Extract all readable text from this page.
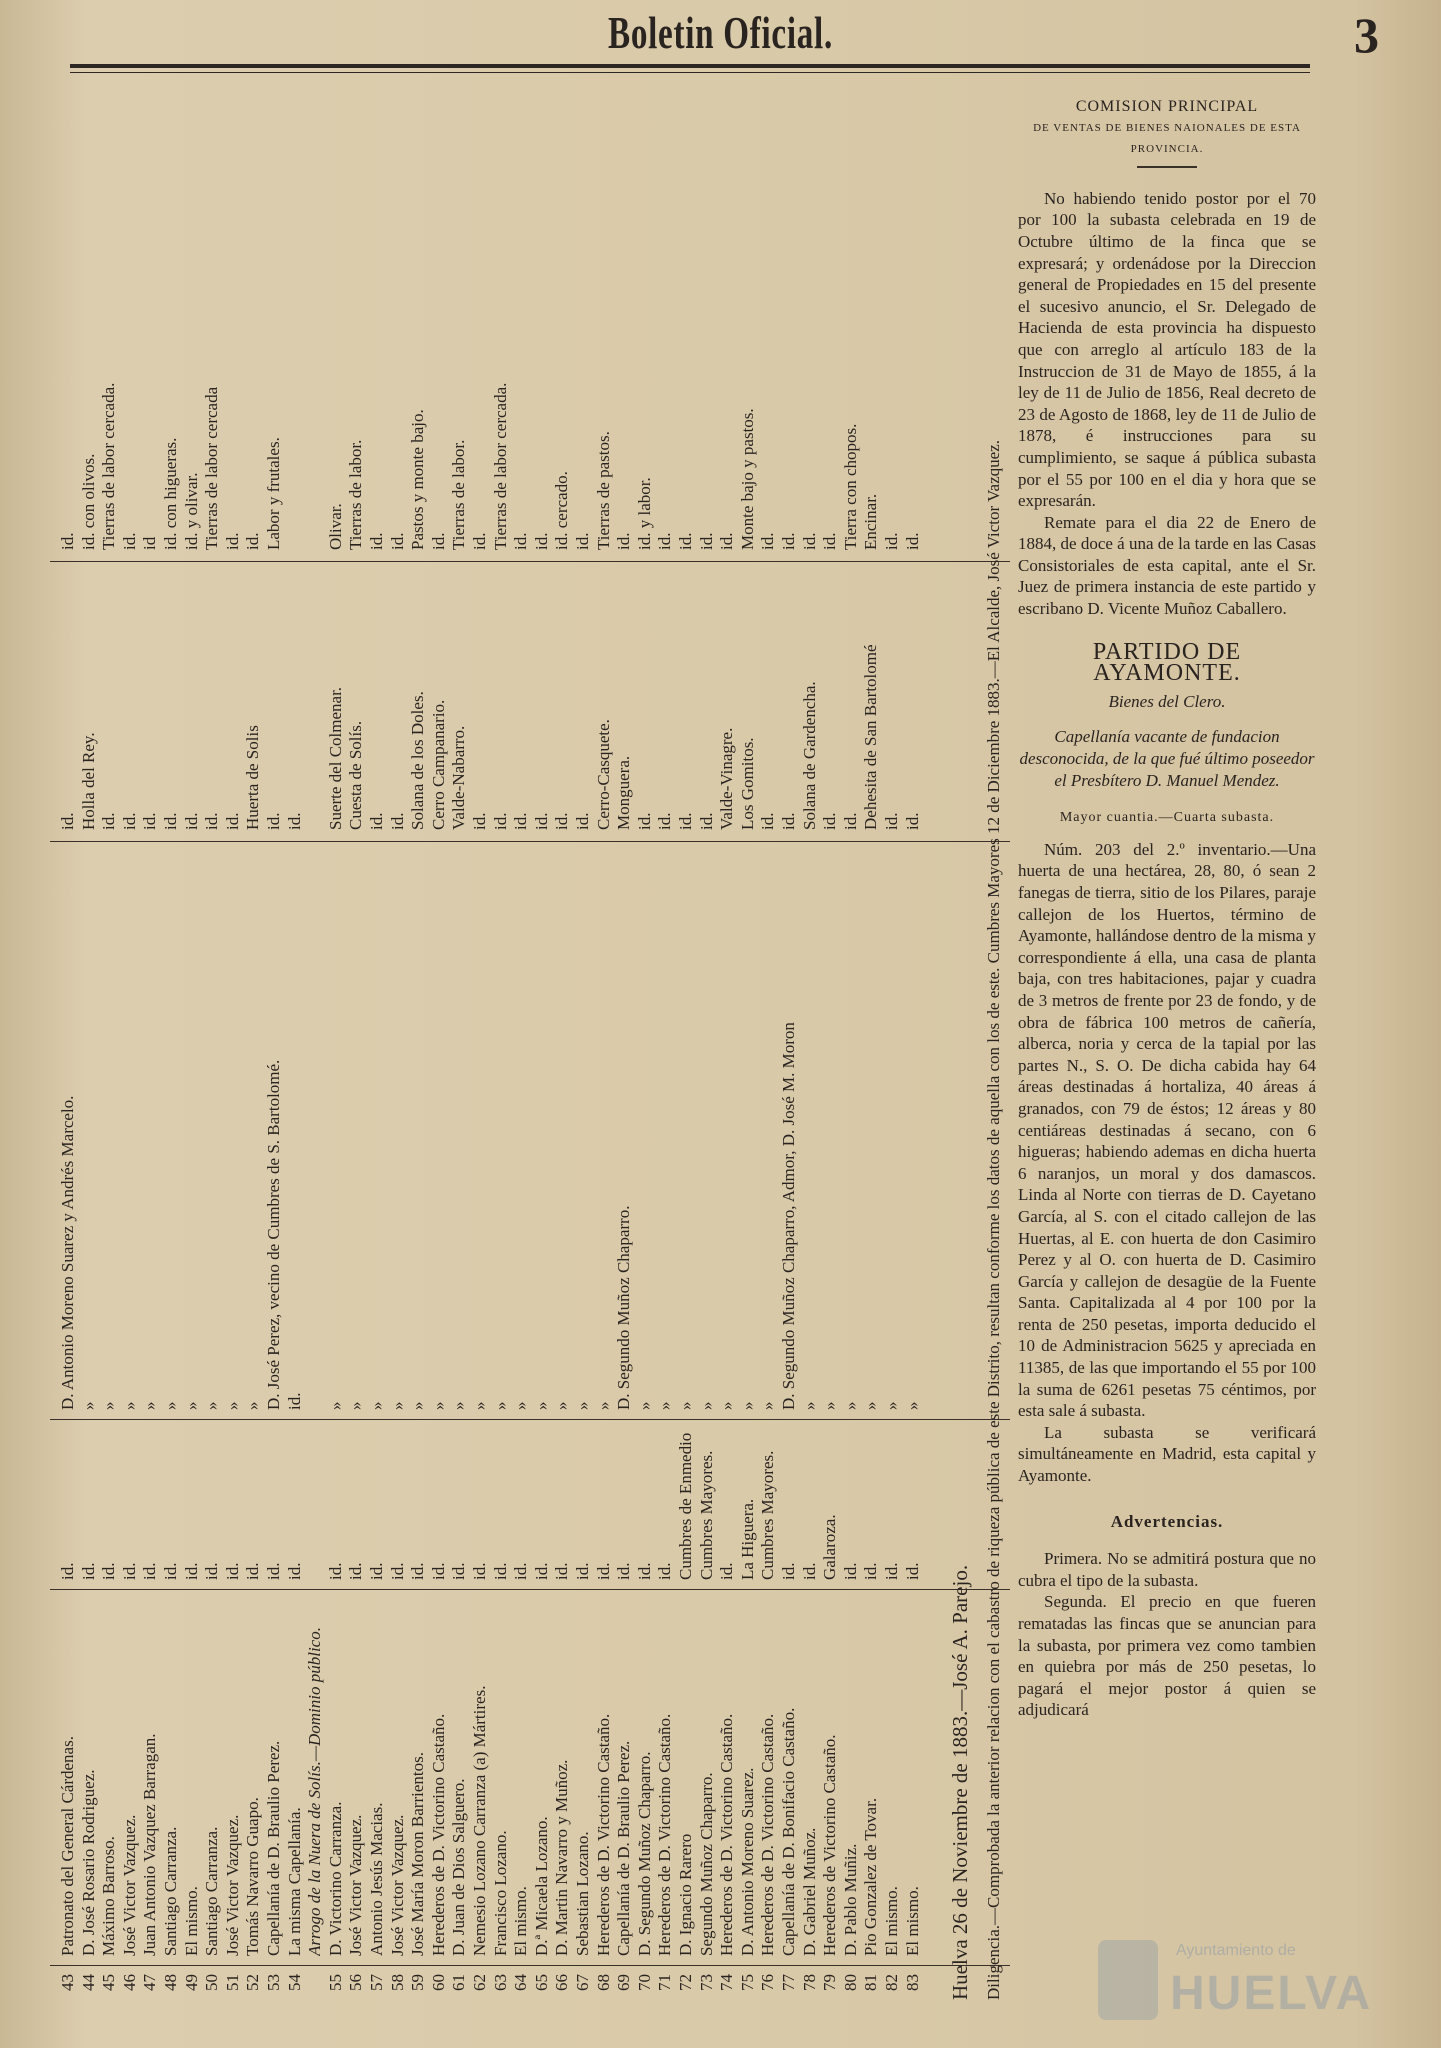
Boletin Oficial.	3
Huelva 26 de Noviembre de 1883.—José A. Parejo. Diligencia.—Comprobada la anterior relacion con el cabastro de riqueza pública de este Distrito, resultan conforme los datos de aquella con los de este. Cumbres Mayores 12 de Diciembre 1883.—El Alcalde, José Victor Vazquez.
43
Patronato del General Cárdenas.
id.
D. Antonio Moreno Suarez y Andrés Marcelo.
id.
id.
44
D. José Rosario Rodriguez.
id.
»
Holla del Rey.
id. con olivos.
45
Máximo Barroso.
id.
»
id.
Tierras de labor cercada.
46
José Victor Vazquez.
id.
»
id.
id.
47
Juan Antonio Vazquez Barragan.
id.
»
id.
id
48
Santiago Carranza.
id.
»
id.
id. con higueras.
49
El mismo.
id.
»
id.
id. y olivar.
50
Santiago Carranza.
id.
»
id.
Tierras de labor cercada
51
José Victor Vazquez.
id.
»
id.
id.
52
Tomás Navarro Guapo.
id.
»
Huerta de Solis
id.
53
Capellanía de D. Braulio Perez.
id.
D. José Perez, vecino de Cumbres de S. Bartolomé.
id.
Labor y frutales.
54
La misma Capellanía.
id.
id.
id.
Arrogo de la Nuera de Solís.—Dominio público.
55
D. Victorino Carranza.
id.
»
Suerte del Colmenar.
Olivar.
56
José Victor Vazquez.
id.
»
Cuesta de Solís.
Tierras de labor.
57
Antonio Jesús Macias.
id.
»
id.
id.
58
José Victor Vazquez.
id.
»
id.
id.
59
José María Moron Barrientos.
id.
»
Solana de los Doles.
Pastos y monte bajo.
60
Herederos de D. Victorino Castaño.
id.
»
Cerro Campanario.
id.
61
D. Juan de Dios Salguero.
id.
»
Valde-Nabarro.
Tierras de labor.
62
Nemesio Lozano Carranza (a) Mártires.
id.
»
id.
id.
63
Francisco Lozano.
id.
»
id.
Tierras de labor cercada.
64
El mismo.
id.
»
id.
id.
65
D.ª Micaela Lozano.
id.
»
id.
id.
66
D. Martin Navarro y Muñoz.
id.
»
id.
id. cercado.
67
Sebastian Lozano.
id.
»
id.
id.
68
Herederos de D. Victorino Castaño.
id.
»
Cerro-Casquete.
Tierras de pastos.
69
Capellanía de D. Braulio Perez.
id.
D. Segundo Muñoz Chaparro.
Monguera.
id.
70
D. Segundo Muñoz Chaparro.
id.
»
id.
id. y labor.
71
Herederos de D. Victorino Castaño.
id.
»
id.
id.
72
D. Ignacio Rarero
Cumbres de Enmedio
»
id.
id.
73
Segundo Muñoz Chaparro.
Cumbres Mayores.
»
id.
id.
74
Herederos de D. Victorino Castaño.
id.
»
Valde-Vinagre.
id.
75
D. Antonio Moreno Suarez.
La Higuera.
»
Los Gomitos.
Monte bajo y pastos.
76
Herederos de D. Victorino Castaño.
Cumbres Mayores.
»
id.
id.
77
Capellanía de D. Bonifacio Castaño.
id.
D. Segundo Muñoz Chaparro, Admor, D. José M. Moron
id.
id.
78
D. Gabriel Muñoz.
id.
»
Solana de Gardencha.
id.
79
Herederos de Victorino Castaño.
Galaroza.
»
id.
id.
80
D. Pablo Muñiz.
id.
»
id.
Tierra con chopos.
81
Pio Gonzalez de Tovar.
id.
»
Dehesita de San Bartolomé
Encinar.
82
El mismo.
id.
»
id.
id.
83
El mismo.
id.
»
id.
id.
COMISION PRINCIPAL
DE VENTAS DE BIENES NAIONALES DE ESTA PROVINCIA.

No habiendo tenido postor por el 70 por 100 la subasta celebrada en 19 de Octubre último de la finca que se expresará; y ordenádose por la Direccion general de Propiedades en 15 del presente el sucesivo anuncio, el Sr. Delegado de Hacienda de esta provincia ha dispuesto que con arreglo al artículo 183 de la Instruccion de 31 de Mayo de 1855, á la ley de 11 de Julio de 1856, Real decreto de 23 de Agosto de 1868, ley de 11 de Julio de 1878, é instrucciones para su cumplimiento, se saque á pública subasta por el 55 por 100 en el dia y hora que se expresarán.

Remate para el dia 22 de Enero de 1884, de doce á una de la tarde en las Casas Consistoriales de esta capital, ante el Sr. Juez de primera instancia de este partido y escribano D. Vicente Muñoz Caballero.

PARTIDO DE AYAMONTE.
Bienes del Clero.
Capellanía vacante de fundacion desconocida, de la que fué último poseedor el Presbítero D. Manuel Mendez.
Mayor cuantia.—Cuarta subasta.

Núm. 203 del 2.º inventario.—Una huerta de una hectárea, 28, 80, ó sean 2 fanegas de tierra, sitio de los Pilares, paraje callejon de los Huertos, término de Ayamonte, hallándose dentro de la misma y correspondiente á ella, una casa de planta baja, con tres habitaciones, pajar y cuadra de 3 metros de frente por 23 de fondo, y de obra de fábrica 100 metros de cañería, alberca, noria y cerca de la tapial por las partes N., S. O. De dicha cabida hay 64 áreas destinadas á hortaliza, 40 áreas á granados, con 79 de éstos; 12 áreas y 80 centiáreas destinadas á secano, con 6 higueras; habiendo ademas en dicha huerta 6 naranjos, un moral y dos damascos. Linda al Norte con tierras de D. Cayetano García, al S. con el citado callejon de las Huertas, al E. con huerta de don Casimiro Perez y al O. con huerta de D. Casimiro García y callejon de desagüe de la Fuente Santa. Capitalizada al 4 por 100 por la renta de 250 pesetas, importa deducido el 10 de Administracion 5625 y apreciada en 11385, de las que importando el 55 por 100 la suma de 6261 pesetas 75 céntimos, por esta sale á subasta.

La subasta se verificará simultáneamente en Madrid, esta capital y Ayamonte.

Advertencias.

Primera. No se admitirá postura que no cubra el tipo de la subasta.

Segunda. El precio en que fueren rematadas las fincas que se anuncian para la subasta, por primera vez como tambien en quiebra por más de 250 pesetas, lo pagará el mejor postor á quien se adjudicará

Ayuntamiento de
HUELVA
